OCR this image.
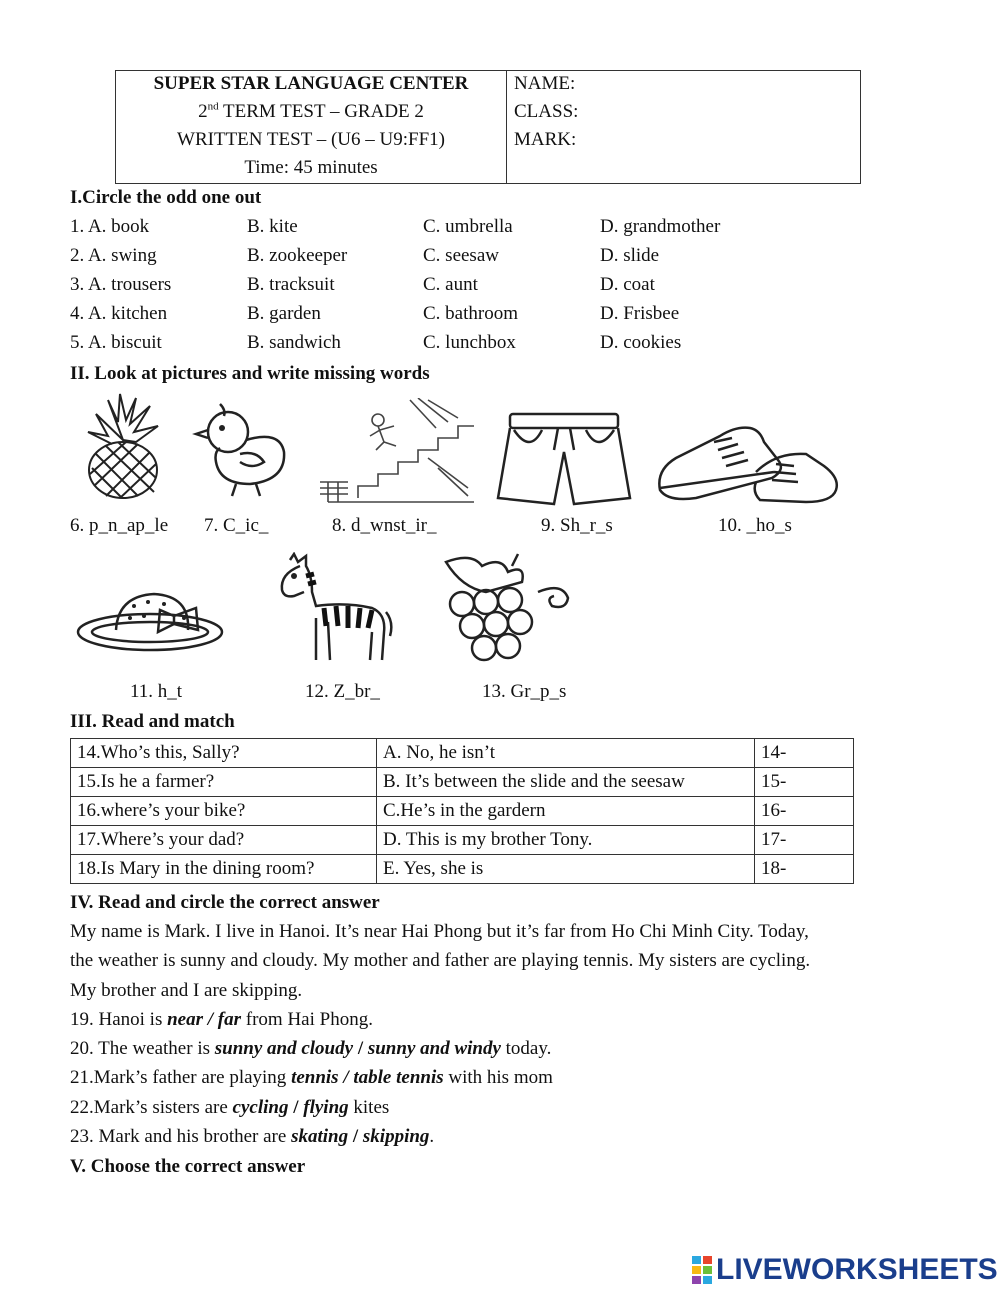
SUPER STAR LANGUAGE CENTER
2nd TERM TEST – GRADE 2
WRITTEN TEST – (U6 – U9:FF1)
Time: 45 minutes
NAME:
CLASS:
MARK:
I.Circle the odd one out
1. A. book	B. kite	C. umbrella	D. grandmother
2. A. swing	B. zookeeper	C. seesaw	D. slide
3. A. trousers	B. tracksuit	C. aunt	D. coat
4. A. kitchen	B. garden	C. bathroom	D. Frisbee
5. A. biscuit	B. sandwich	C. lunchbox	D. cookies
II. Look at pictures and write missing words
6. p_n_ap_le 7. C_ic_	8. d_wnst_ir_	9. Sh_r_s	10. _ho_s
11. h_t	12. Z_br_	13. Gr_p_s
III. Read and match
14.Who’s this, Sally?	A. No, he isn’t	14-
15.Is he a farmer?	B. It’s between the slide and the seesaw	15-
16.where’s your bike?	C.He’s in the gardern	16-
17.Where’s your dad?	D. This is my brother Tony.	17-
18.Is Mary in the dining room?	E. Yes, she is	18-
IV. Read and circle the correct answer
My name is Mark. I live in Hanoi. It’s near Hai Phong but it’s far from Ho Chi Minh City. Today,
the weather is sunny and cloudy. My mother and father are playing tennis. My sisters are cycling.
My brother and I are skipping.
19. Hanoi is near / far from Hai Phong.
20. The weather is sunny and cloudy / sunny and windy today.
21.Mark’s father are playing tennis / table tennis with his mom
22.Mark’s sisters are cycling / flying kites
23. Mark and his brother are skating / skipping.
V. Choose the correct answer
LIVEWORKSHEETS
